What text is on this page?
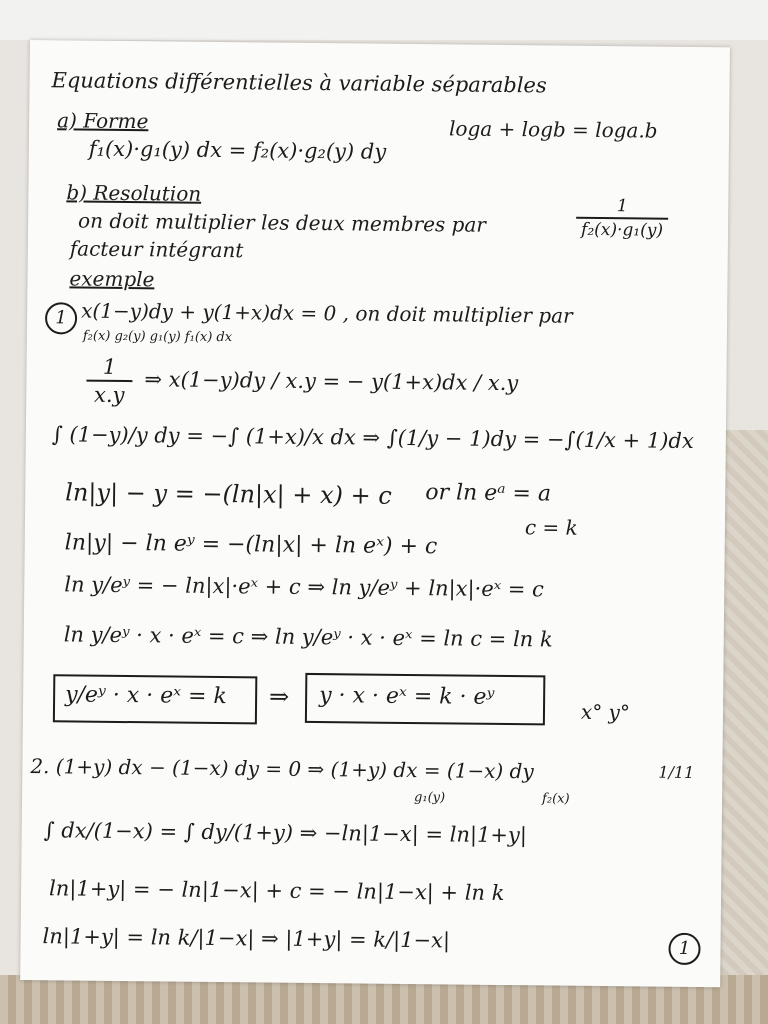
Equations différentielles à variable séparables
a) Forme
f₁(x)·g₁(y) dx = f₂(x)·g₂(y) dy
loga + logb = loga.b
b) Resolution
on doit multiplier les deux membres par
1
f₂(x)·g₁(y)
facteur intégrant
exemple
1 x(1−y)dy + y(1+x)dx = 0 , on doit multiplier par
f₂(x) g₂(y) g₁(y) f₁(x) dx
1
x.y ⇒ x(1−y)dy / x.y = − y(1+x)dx / x.y
∫ (1−y)/y dy = −∫ (1+x)/x dx ⇒ ∫(1/y − 1)dy = −∫(1/x + 1)dx
ln|y| − y = −(ln|x| + x) + c or ln eᵃ = a
c = k
ln|y| − ln eʸ = −(ln|x| + ln eˣ) + c
ln y/eʸ = − ln|x|·eˣ + c ⇒ ln y/eʸ + ln|x|·eˣ = c
ln y/eʸ · x · eˣ = c ⇒ ln y/eʸ · x · eˣ = ln c = ln k
y/eʸ · x · eˣ = k ⇒ y · x · eˣ = k · eʸ
x° y°
2. (1+y) dx − (1−x) dy = 0 ⇒ (1+y) dx = (1−x) dy
g₁(y)	f₂(x)
1/11
∫ dx/(1−x) = ∫ dy/(1+y) ⇒ −ln|1−x| = ln|1+y|
ln|1+y| = − ln|1−x| + c = − ln|1−x| + ln k
ln|1+y| = ln k/|1−x| ⇒ |1+y| = k/|1−x|	1
